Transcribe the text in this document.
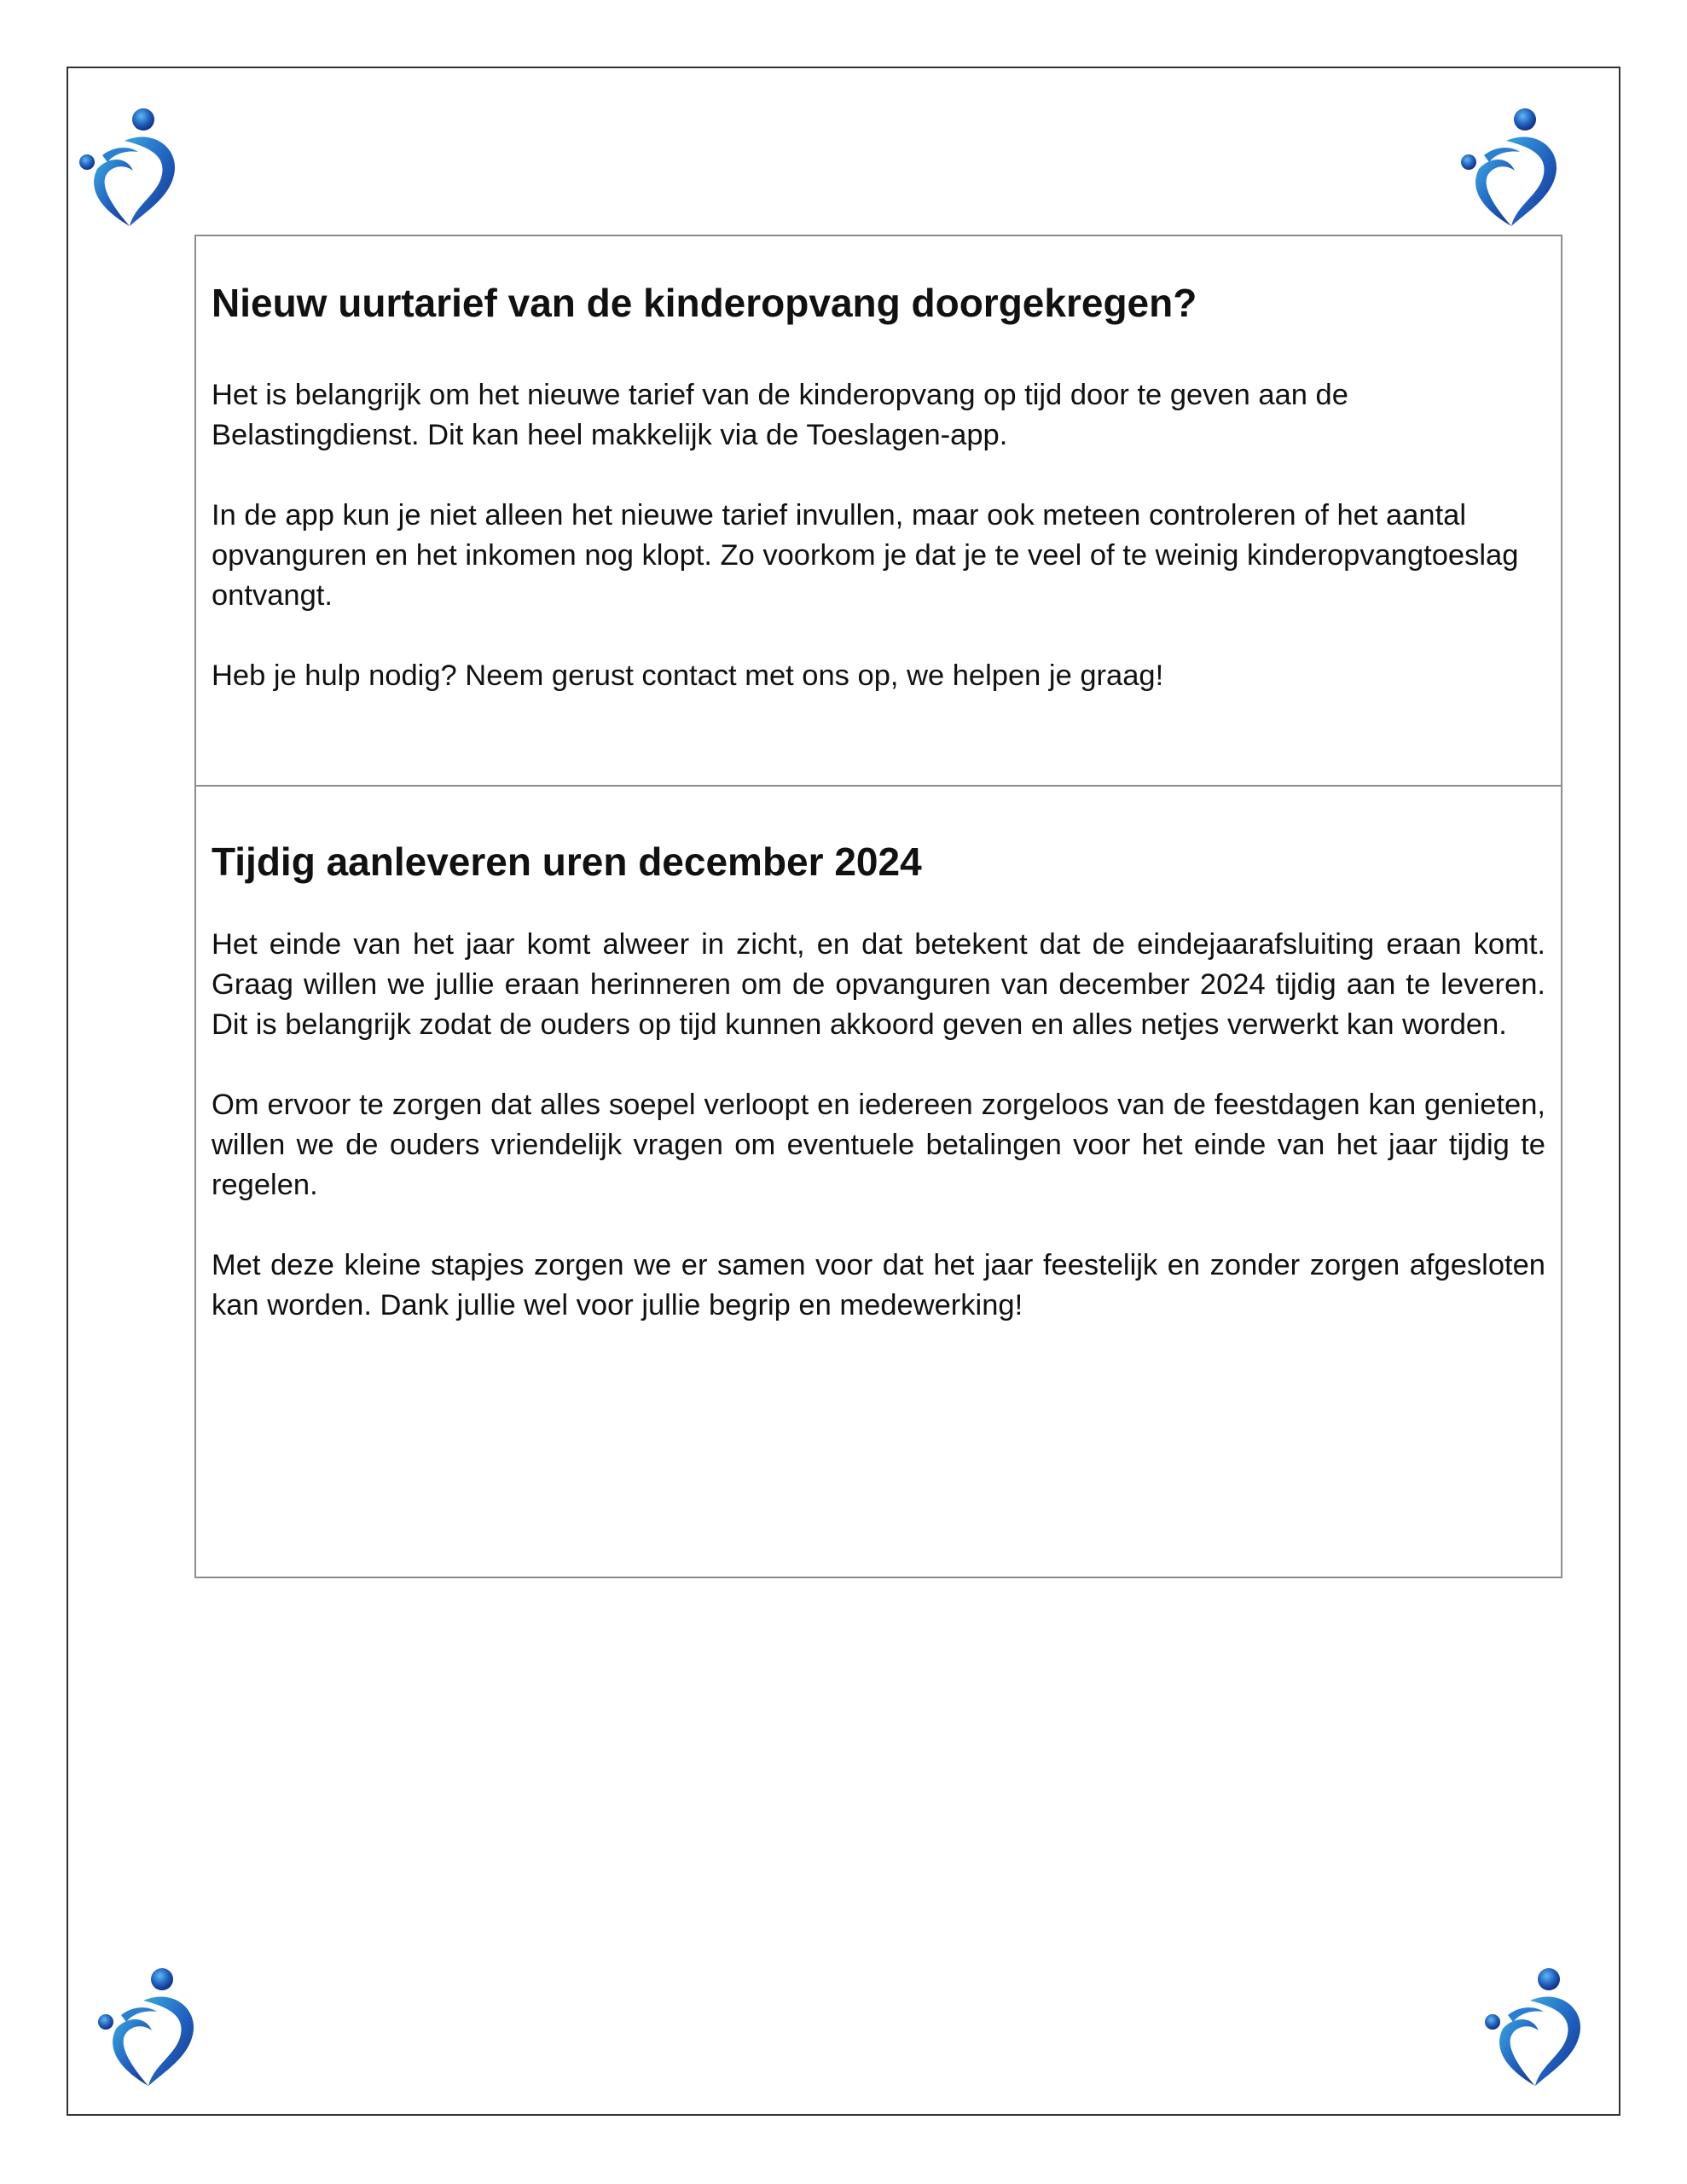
Nieuw uurtarief van de kinderopvang doorgekregen?

Het is belangrijk om het nieuwe tarief van de kinderopvang op tijd door te geven aan de Belastingdienst. Dit kan heel makkelijk via de Toeslagen-app.

In de app kun je niet alleen het nieuwe tarief invullen, maar ook meteen controleren of het aantal opvanguren en het inkomen nog klopt. Zo voorkom je dat je te veel of te weinig kinderopvangtoeslag ontvangt.

Heb je hulp nodig? Neem gerust contact met ons op, we helpen je graag!

Tijdig aanleveren uren december 2024

Het einde van het jaar komt alweer in zicht, en dat betekent dat de eindejaarafsluiting eraan komt. Graag willen we jullie eraan herinneren om de opvanguren van december 2024 tijdig aan te leveren. Dit is belangrijk zodat de ouders op tijd kunnen akkoord geven en alles netjes verwerkt kan worden.

Om ervoor te zorgen dat alles soepel verloopt en iedereen zorgeloos van de feestdagen kan genieten, willen we de ouders vriendelijk vragen om eventuele betalingen voor het einde van het jaar tijdig te regelen.

Met deze kleine stapjes zorgen we er samen voor dat het jaar feestelijk en zonder zorgen afgesloten kan worden. Dank jullie wel voor jullie begrip en medewerking!
